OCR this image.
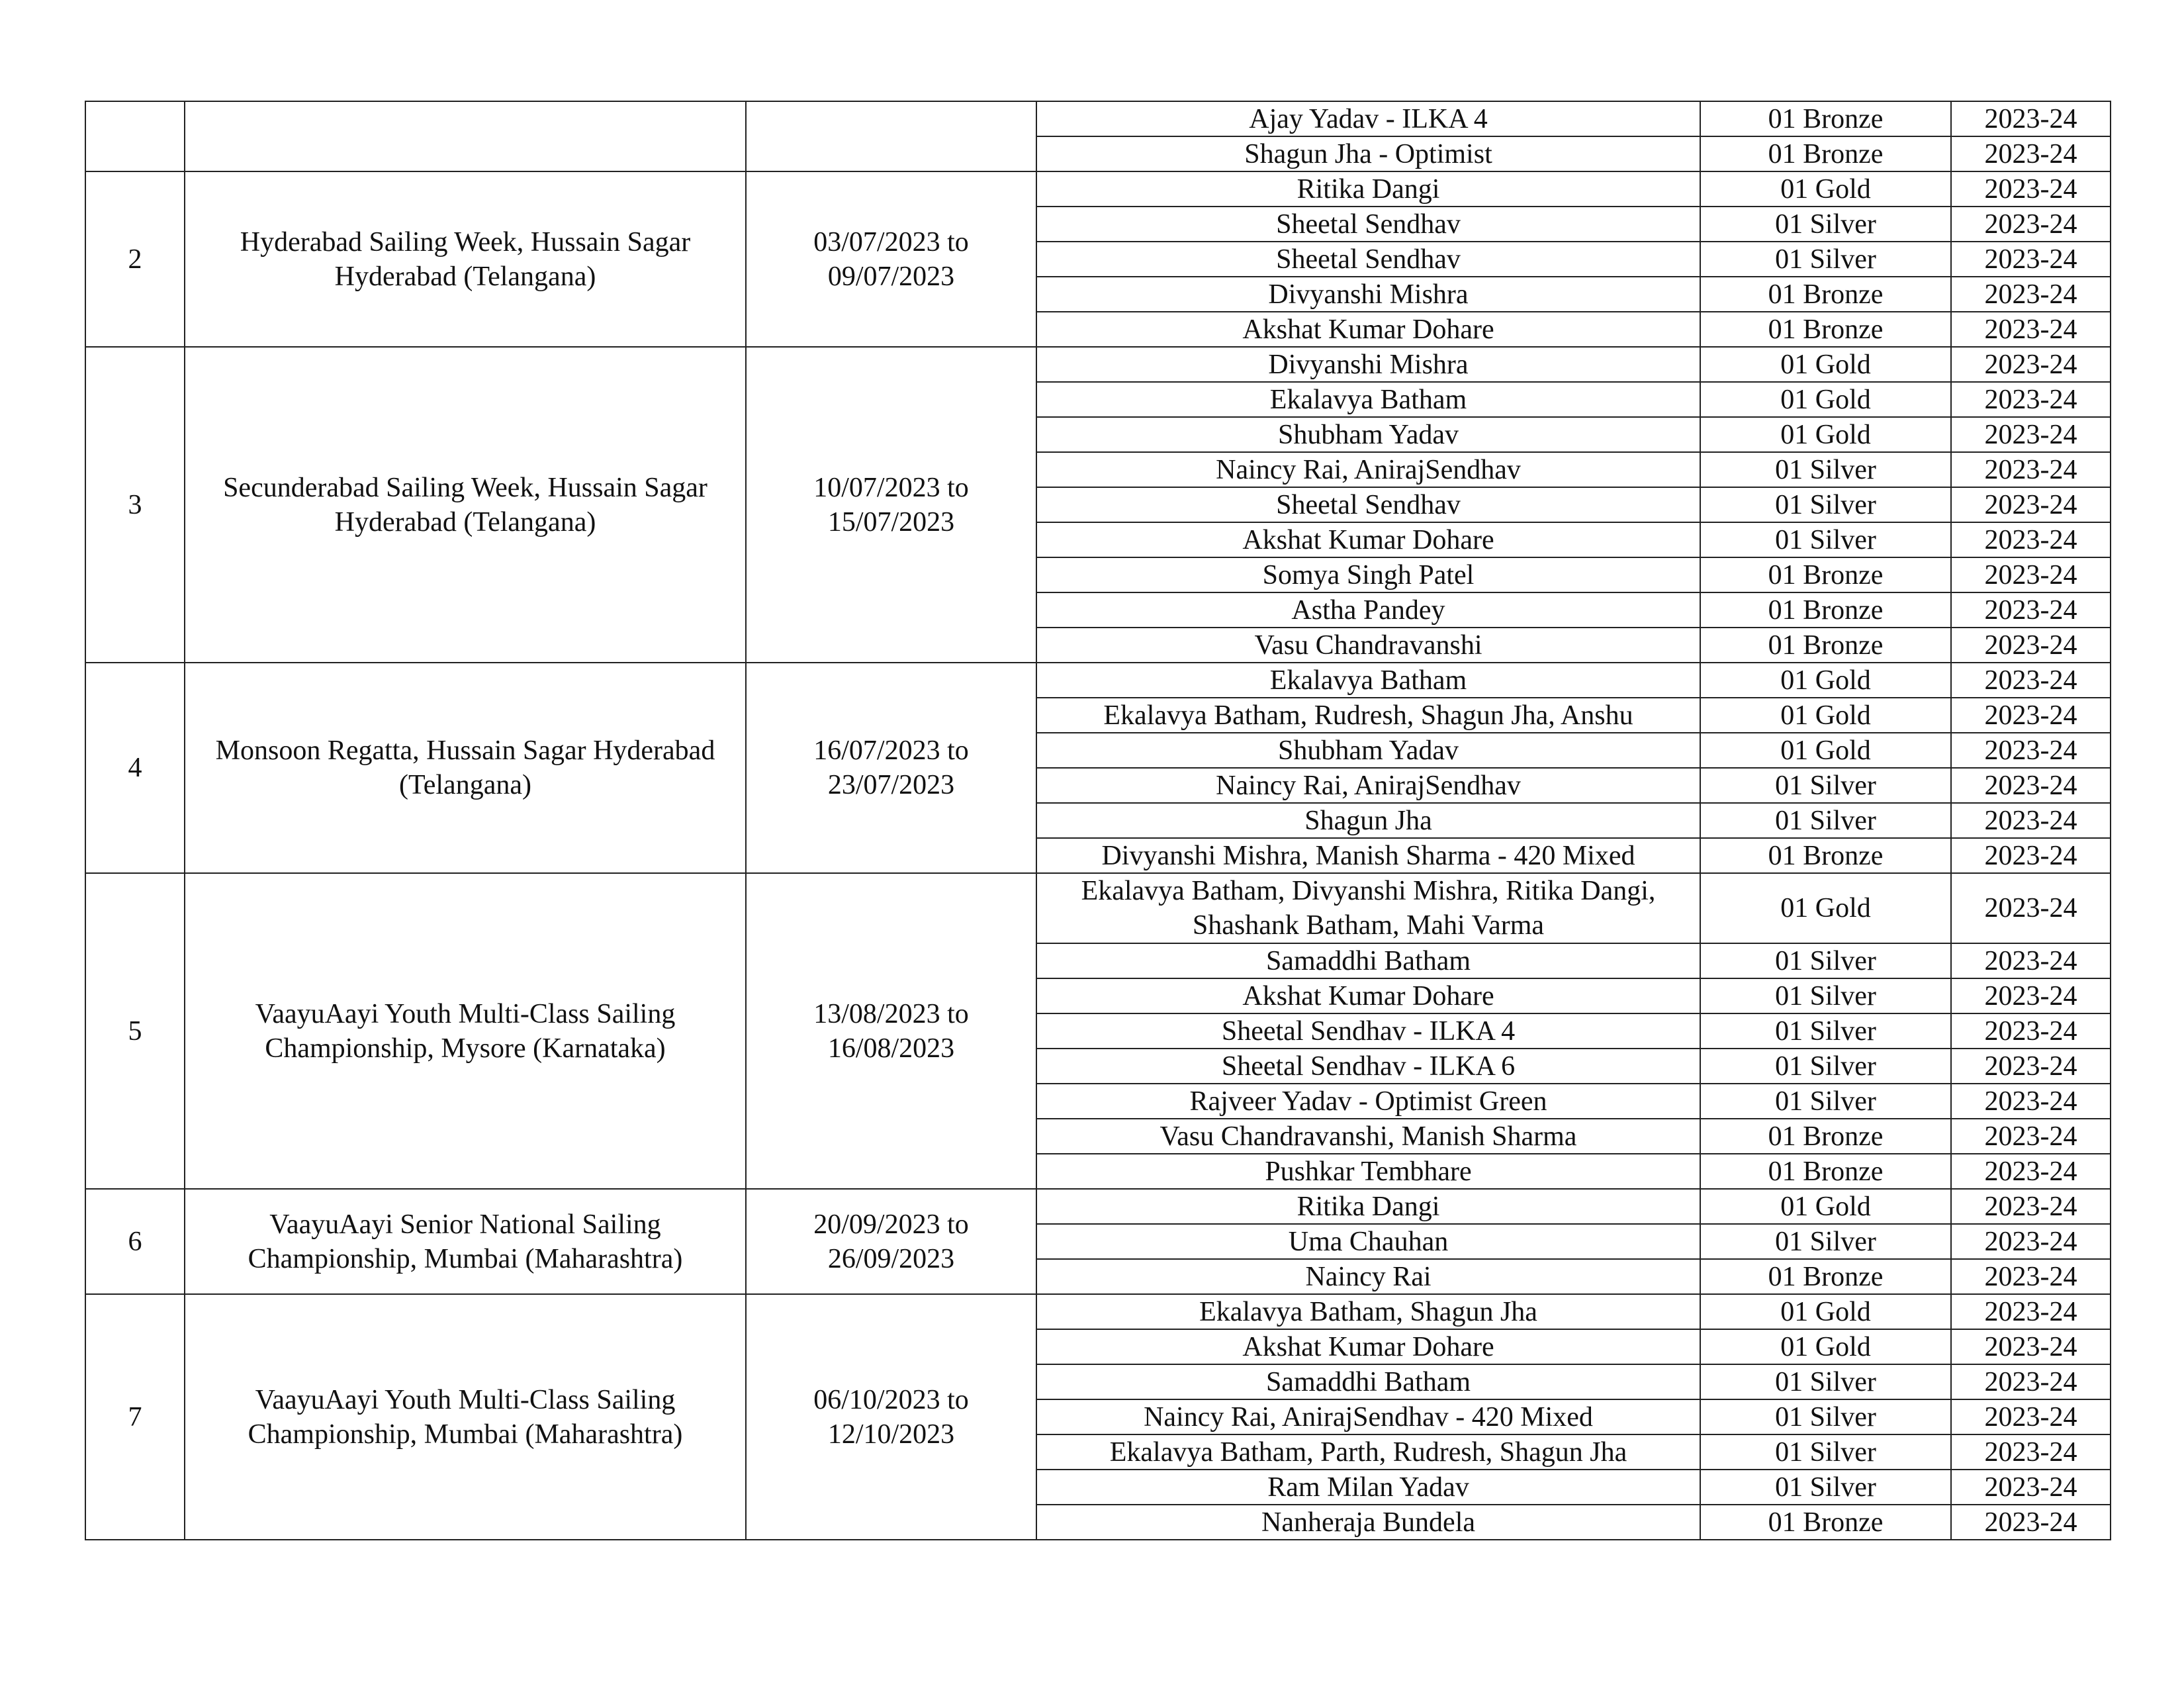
			Ajay Yadav - ILKA 4	01 Bronze	2023-24
			Shagun Jha - Optimist	01 Bronze	2023-24
2	Hyderabad Sailing Week, Hussain Sagar Hyderabad (Telangana)	03/07/2023 to 09/07/2023	Ritika Dangi	01 Gold	2023-24
			Sheetal Sendhav	01 Silver	2023-24
			Sheetal Sendhav	01 Silver	2023-24
			Divyanshi Mishra	01 Bronze	2023-24
			Akshat Kumar Dohare	01 Bronze	2023-24
3	Secunderabad Sailing Week, Hussain Sagar Hyderabad (Telangana)	10/07/2023 to 15/07/2023	Divyanshi Mishra	01 Gold	2023-24
			Ekalavya Batham	01 Gold	2023-24
			Shubham Yadav	01 Gold	2023-24
			Naincy Rai, AnirajSendhav	01 Silver	2023-24
			Sheetal Sendhav	01 Silver	2023-24
			Akshat Kumar Dohare	01 Silver	2023-24
			Somya Singh Patel	01 Bronze	2023-24
			Astha Pandey	01 Bronze	2023-24
			Vasu Chandravanshi	01 Bronze	2023-24
4	Monsoon Regatta, Hussain Sagar Hyderabad (Telangana)	16/07/2023 to 23/07/2023	Ekalavya Batham	01 Gold	2023-24
			Ekalavya Batham, Rudresh, Shagun Jha, Anshu	01 Gold	2023-24
			Shubham Yadav	01 Gold	2023-24
			Naincy Rai, AnirajSendhav	01 Silver	2023-24
			Shagun Jha	01 Silver	2023-24
			Divyanshi Mishra, Manish Sharma - 420 Mixed	01 Bronze	2023-24
5	VaayuAayi Youth Multi-Class Sailing Championship, Mysore (Karnataka)	13/08/2023 to 16/08/2023	Ekalavya Batham, Divyanshi Mishra, Ritika Dangi, Shashank Batham, Mahi Varma	01 Gold	2023-24
			Samaddhi Batham	01 Silver	2023-24
			Akshat Kumar Dohare	01 Silver	2023-24
			Sheetal Sendhav - ILKA 4	01 Silver	2023-24
			Sheetal Sendhav - ILKA 6	01 Silver	2023-24
			Rajveer Yadav - Optimist Green	01 Silver	2023-24
			Vasu Chandravanshi, Manish Sharma	01 Bronze	2023-24
			Pushkar Tembhare	01 Bronze	2023-24
6	VaayuAayi Senior National Sailing Championship, Mumbai (Maharashtra)	20/09/2023 to 26/09/2023	Ritika Dangi	01 Gold	2023-24
			Uma Chauhan	01 Silver	2023-24
			Naincy Rai	01 Bronze	2023-24
7	VaayuAayi Youth Multi-Class Sailing Championship, Mumbai (Maharashtra)	06/10/2023 to 12/10/2023	Ekalavya Batham, Shagun Jha	01 Gold	2023-24
			Akshat Kumar Dohare	01 Gold	2023-24
			Samaddhi Batham	01 Silver	2023-24
			Naincy Rai, AnirajSendhav - 420 Mixed	01 Silver	2023-24
			Ekalavya Batham, Parth, Rudresh, Shagun Jha	01 Silver	2023-24
			Ram Milan Yadav	01 Silver	2023-24
			Nanheraja Bundela	01 Bronze	2023-24
